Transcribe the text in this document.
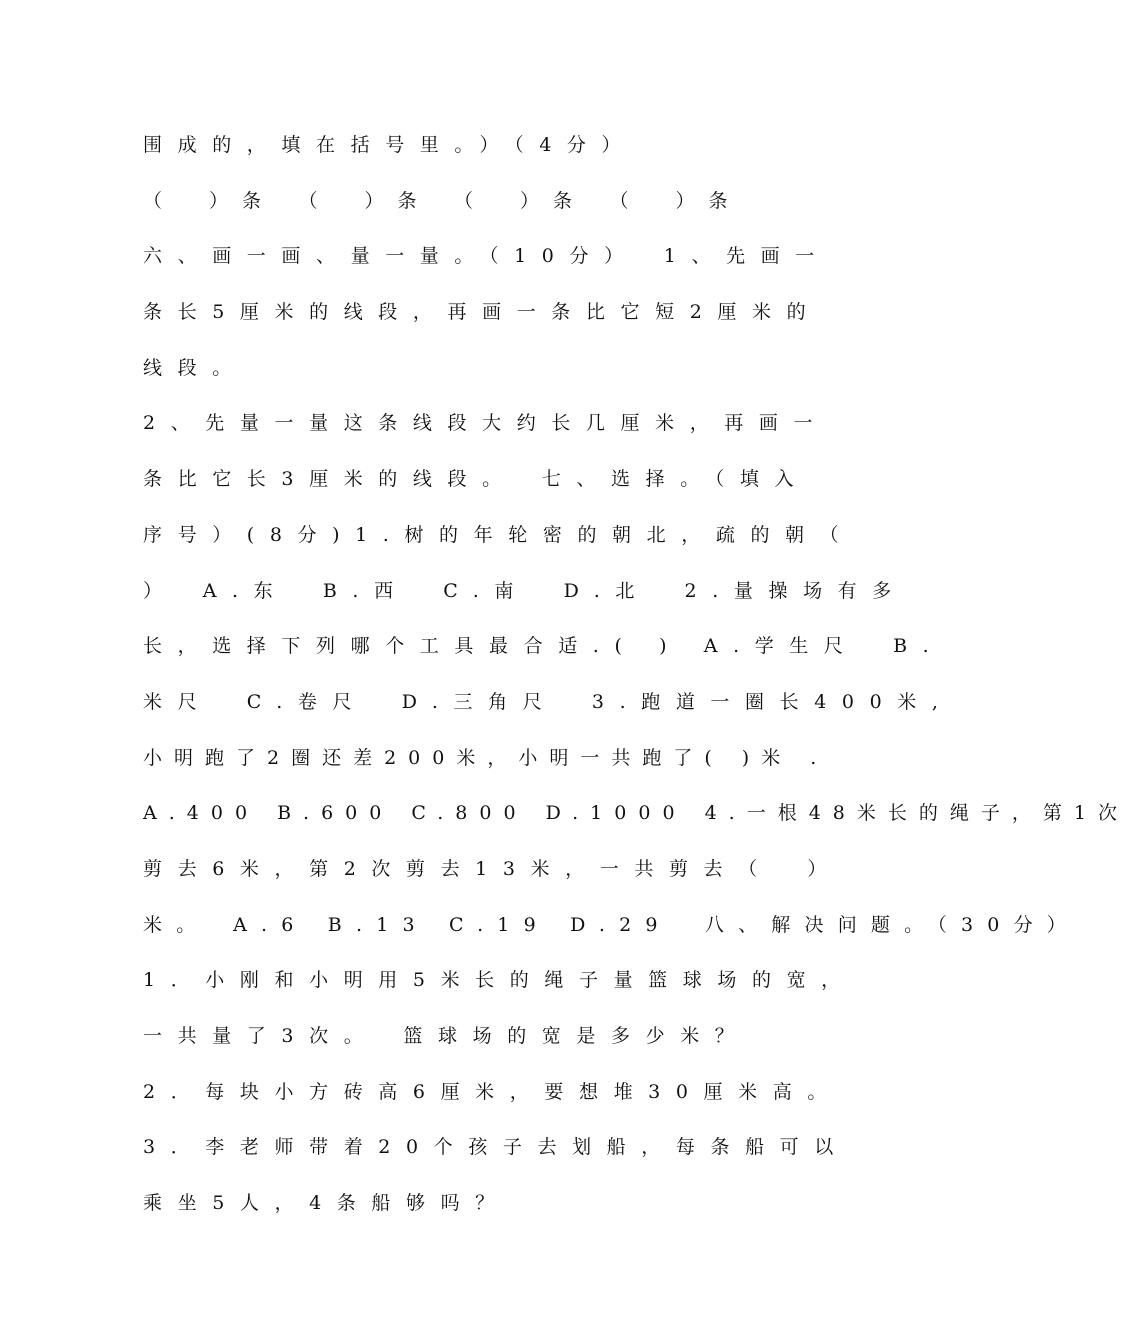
围成的，填在括号里。）（4分）
（　）条　（　）条　（　）条　（　）条
六、画一画、量一量。（10分）　1、先画一
条长5厘米的线段，再画一条比它短2厘米的
线段。
2、先量一量这条线段大约长几厘米，再画一
条比它长3厘米的线段。　七、选择。（填入
序号）(8分)1.树的年轮密的朝北，疏的朝（
）　A.东　B.西　C.南　D.北　2.量操场有多
长，选择下列哪个工具最合适.( ) A.学生尺　B.
米尺　C.卷尺　D.三角尺　3.跑道一圈长400米,
小明跑了2圈还差200米，小明一共跑了( )米 .
A.400 B.600 C.800 D.1000 4.一根48米长的绳子，第1次
剪去6米，第2次剪去13米，一共剪去（　）
米。　A.6 B.13 C.19 D.29　八、解决问题。（30分）
1．小刚和小明用5米长的绳子量篮球场的宽，
一共量了3次。　篮球场的宽是多少米？
2．每块小方砖高6厘米，要想堆30厘米高。
3．李老师带着20个孩子去划船，每条船可以
乘坐5人，4条船够吗？
